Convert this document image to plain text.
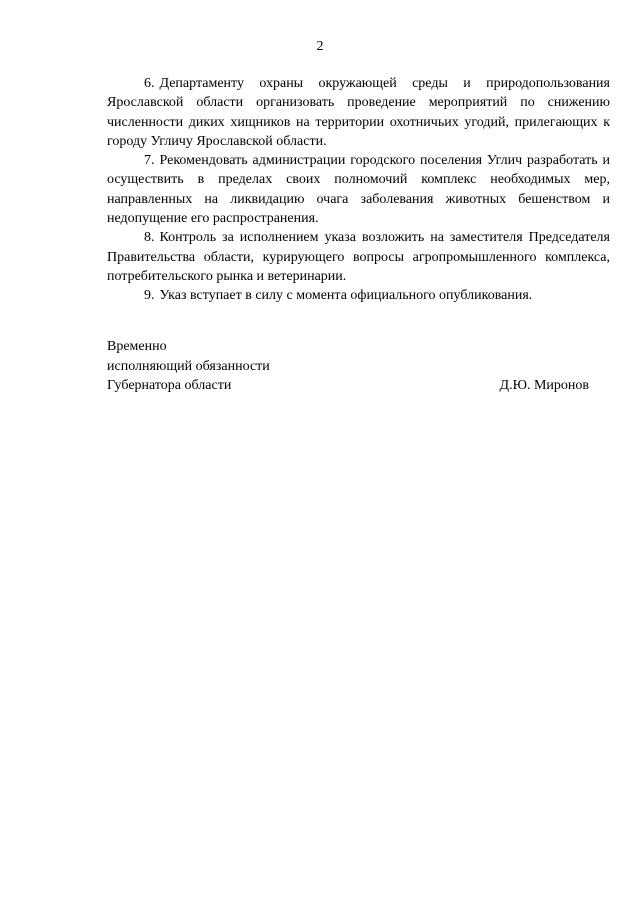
2

6. Департаменту охраны окружающей среды и природопользования Ярославской области организовать проведение мероприятий по снижению численности диких хищников на территории охотничьих угодий, прилегающих к городу Угличу Ярославской области.

7. Рекомендовать администрации городского поселения Углич разработать и осуществить в пределах своих полномочий комплекс необходимых мер, направленных на ликвидацию очага заболевания животных бешенством и недопущение его распространения.

8. Контроль за исполнением указа возложить на заместителя Председателя Правительства области, курирующего вопросы агропромышленного комплекса, потребительского рынка и ветеринарии.

9. Указ вступает в силу с момента официального опубликования.

Временно
исполняющий обязанности
Губернатора области	Д.Ю. Миронов
